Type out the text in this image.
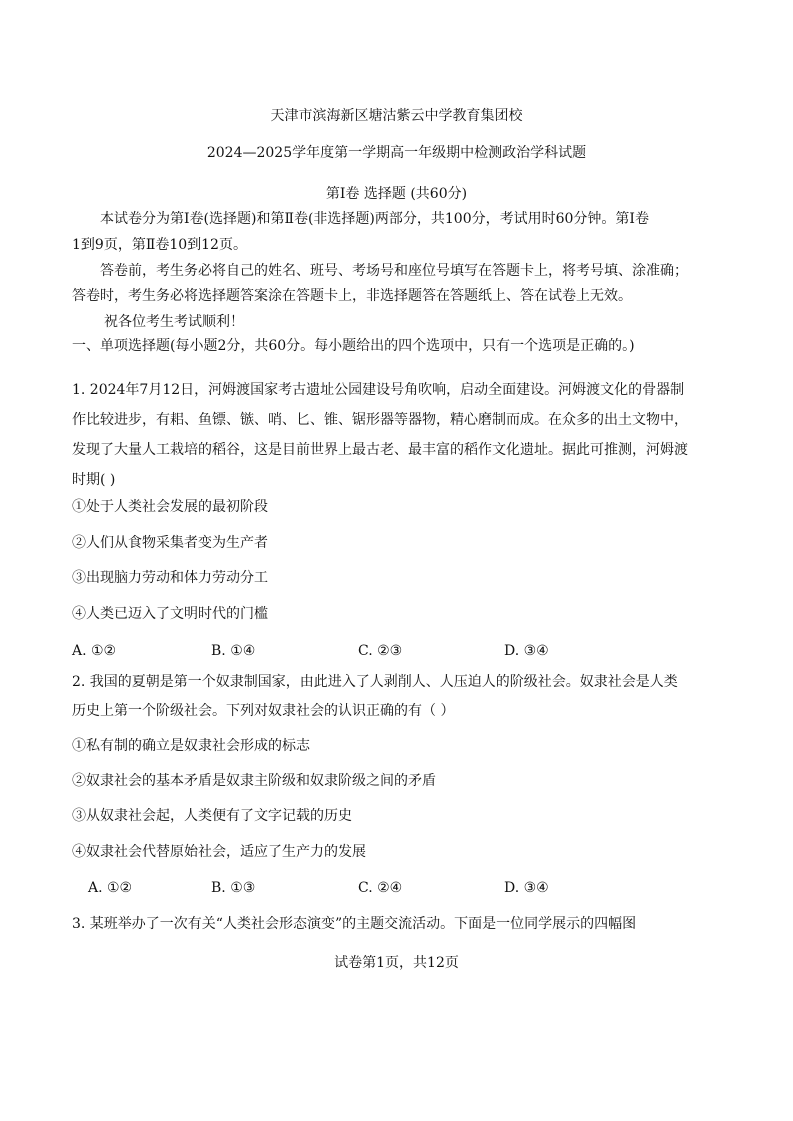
天津市滨海新区塘沽紫云中学教育集团校
2024—2025学年度第一学期高一年级期中检测政治学科试题
第Ⅰ卷 选择题 (共60分)
本试卷分为第Ⅰ卷(选择题)和第Ⅱ卷(非选择题)两部分，共100分，考试用时60分钟。第Ⅰ卷
1到9页，第Ⅱ卷10到12页。
答卷前，考生务必将自己的姓名、班号、考场号和座位号填写在答题卡上，将考号填、涂准确；
答卷时，考生务必将选择题答案涂在答题卡上，非选择题答在答题纸上、答在试卷上无效。
祝各位考生考试顺利！
一、单项选择题(每小题2分，共60分。每小题给出的四个选项中，只有一个选项是正确的。)
1. 2024年7月12日，河姆渡国家考古遗址公园建设号角吹响，启动全面建设。河姆渡文化的骨器制
作比较进步，有耜、鱼镖、镞、哨、匕、锥、锯形器等器物，精心磨制而成。在众多的出土文物中，
发现了大量人工栽培的稻谷，这是目前世界上最古老、最丰富的稻作文化遗址。据此可推测，河姆渡
时期( )
①处于人类社会发展的最初阶段
②人们从食物采集者变为生产者
③出现脑力劳动和体力劳动分工
④人类已迈入了文明时代的门槛
A. ①②	B. ①④	C. ②③	D. ③④
2. 我国的夏朝是第一个奴隶制国家，由此进入了人剥削人、人压迫人的阶级社会。奴隶社会是人类
历史上第一个阶级社会。下列对奴隶社会的认识正确的有（ ）
①私有制的确立是奴隶社会形成的标志
②奴隶社会的基本矛盾是奴隶主阶级和奴隶阶级之间的矛盾
③从奴隶社会起，人类便有了文字记载的历史
④奴隶社会代替原始社会，适应了生产力的发展
A. ①②	B. ①③	C. ②④	D. ③④
3. 某班举办了一次有关“人类社会形态演变”的主题交流活动。下面是一位同学展示的四幅图
试卷第1页，共12页
